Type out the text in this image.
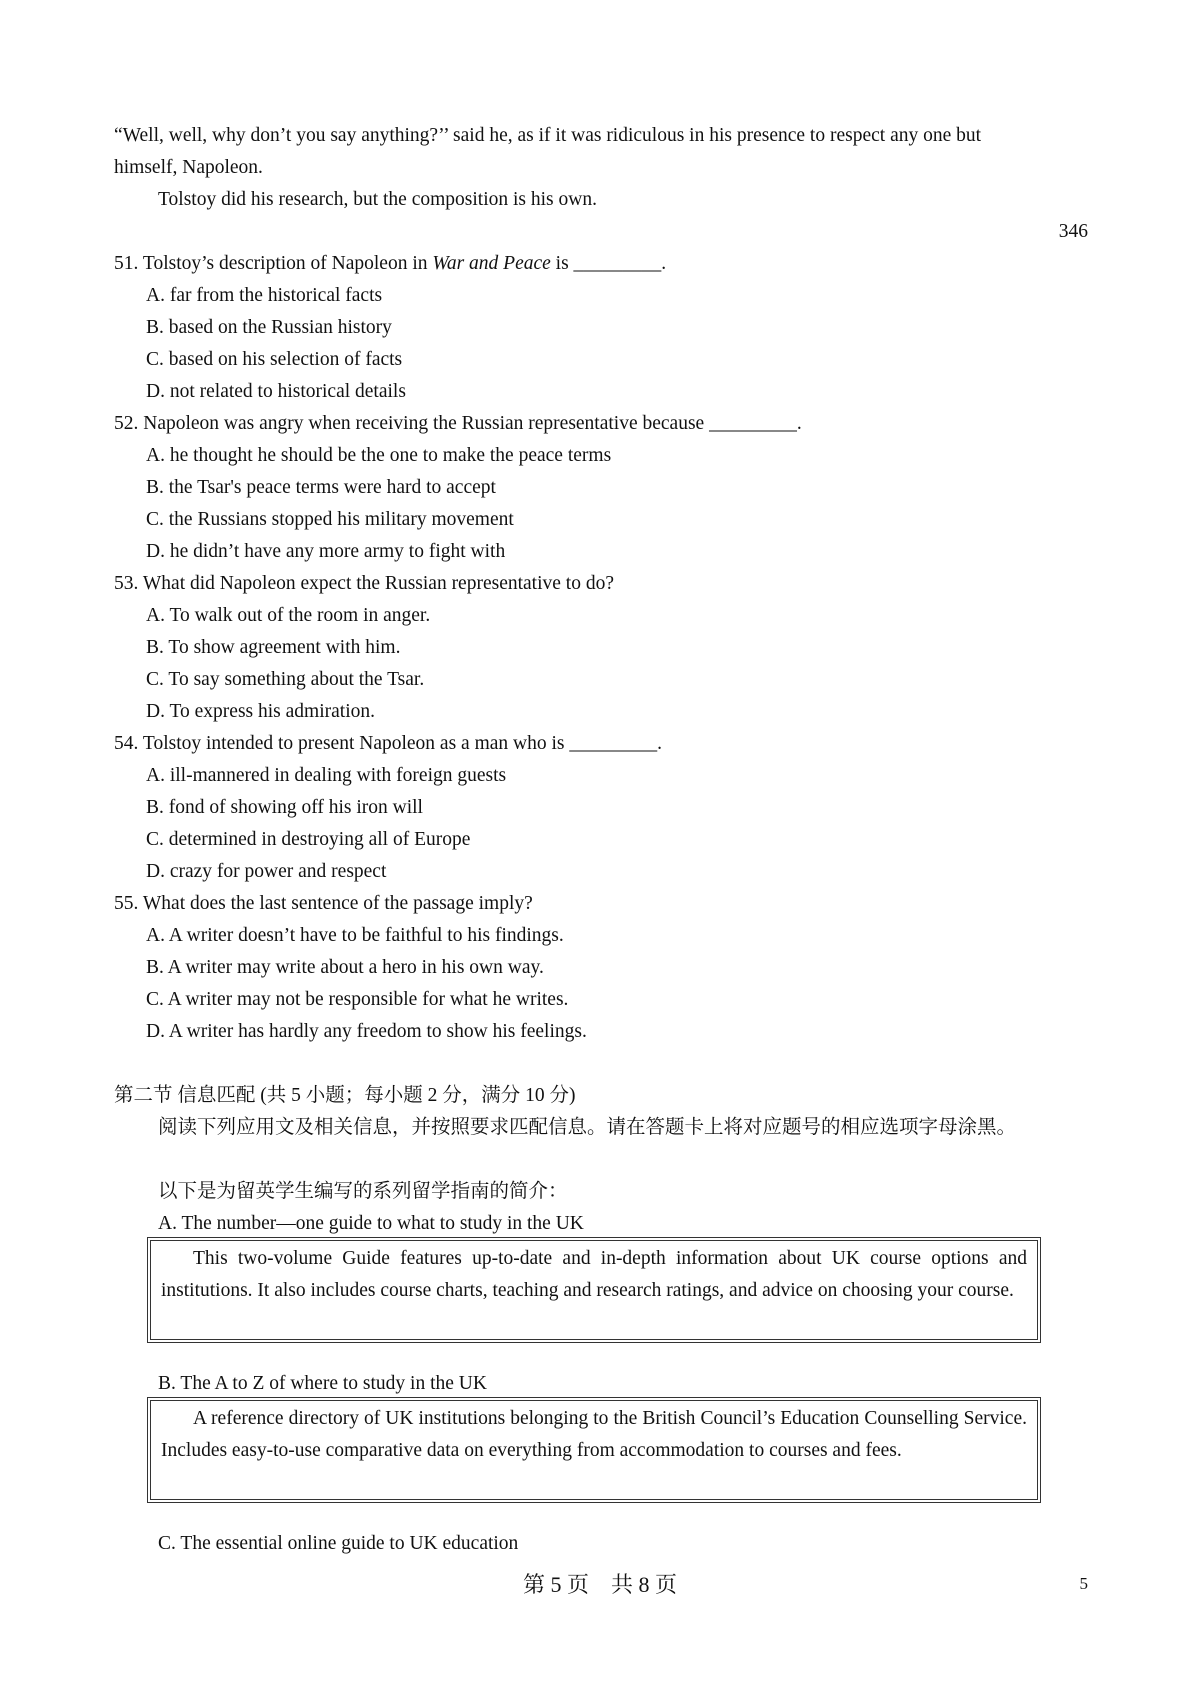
“Well, well, why don’t you say anything?’’ said he, as if it was ridiculous in his presence to respect any one but
himself, Napoleon.
Tolstoy did his research, but the composition is his own.
346
51. Tolstoy’s description of Napoleon in War and Peace is _________.
A. far from the historical facts
B. based on the Russian history
C. based on his selection of facts
D. not related to historical details
52. Napoleon was angry when receiving the Russian representative because _________.
A. he thought he should be the one to make the peace terms
B. the Tsar's peace terms were hard to accept
C. the Russians stopped his military movement
D. he didn’t have any more army to fight with
53. What did Napoleon expect the Russian representative to do?
A. To walk out of the room in anger.
B. To show agreement with him.
C. To say something about the Tsar.
D. To express his admiration.
54. Tolstoy intended to present Napoleon as a man who is _________.
A. ill-mannered in dealing with foreign guests
B. fond of showing off his iron will
C. determined in destroying all of Europe
D. crazy for power and respect
55. What does the last sentence of the passage imply?
A. A writer doesn’t have to be faithful to his findings.
B. A writer may write about a hero in his own way.
C. A writer may not be responsible for what he writes.
D. A writer has hardly any freedom to show his feelings.
第二节 信息匹配 (共 5 小题；每小题 2 分，满分 10 分)
阅读下列应用文及相关信息，并按照要求匹配信息。请在答题卡上将对应题号的相应选项字母涂黑。
以下是为留英学生编写的系列留学指南的简介：
A. The number—one guide to what to study in the UK
This two-volume Guide features up-to-date and in-depth information about UK course options and institutions. It also includes course charts, teaching and research ratings, and advice on choosing your course.
B. The A to Z of where to study in the UK
A reference directory of UK institutions belonging to the British Council’s Education Counselling Service. Includes easy-to-use comparative data on everything from accommodation to courses and fees.
C. The essential online guide to UK education
第 5 页　共 8 页	5
